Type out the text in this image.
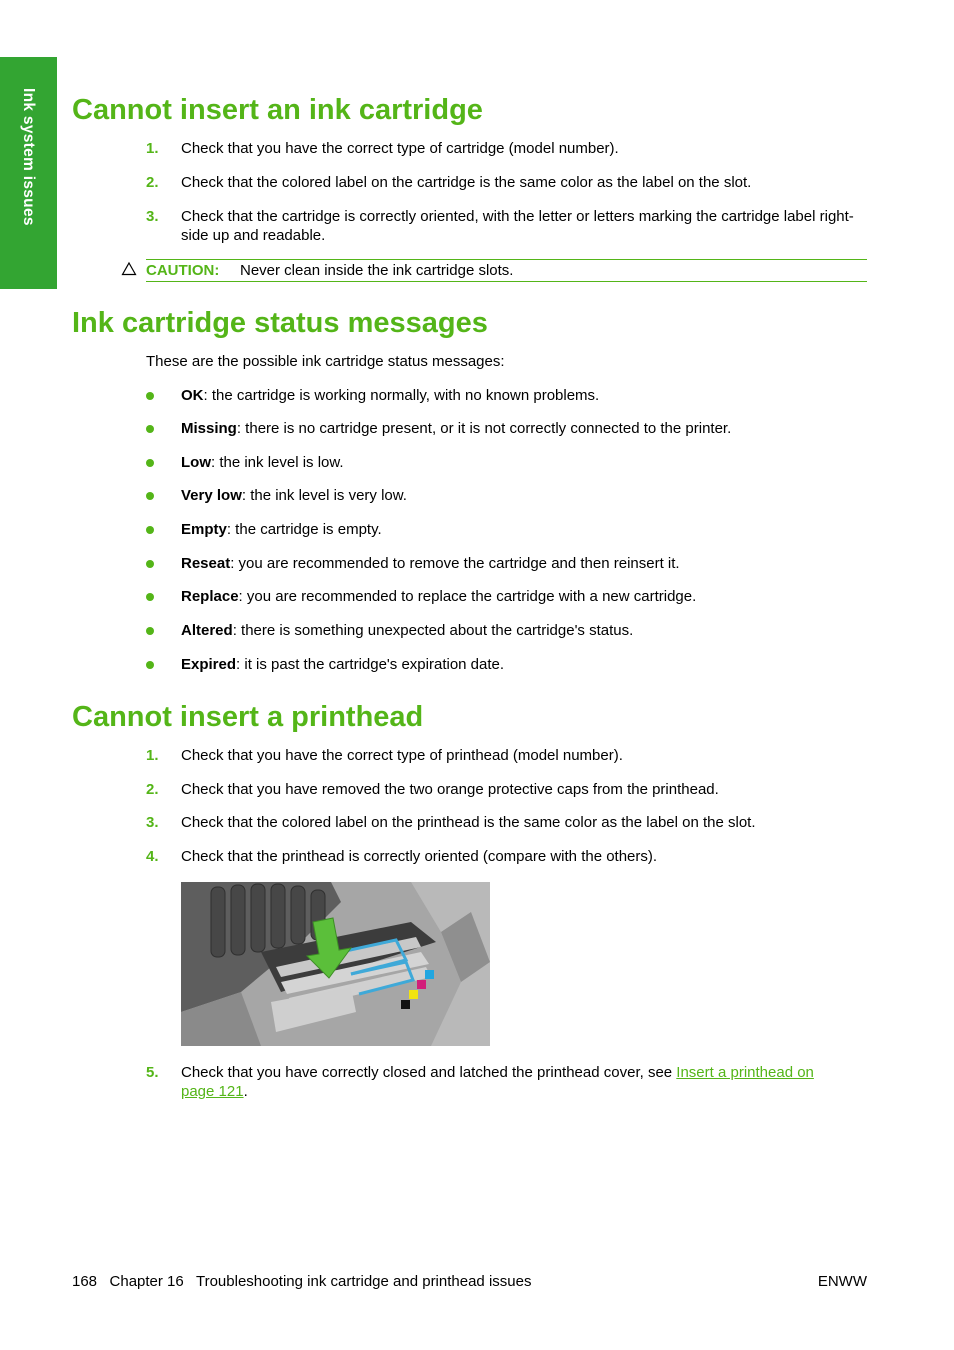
Ink system issues Cannot insert an ink cartridge
1. Check that you have the correct type of cartridge (model number).
2. Check that the colored label on the cartridge is the same color as the label on the slot.
3. Check that the cartridge is correctly oriented, with the letter or letters marking the cartridge label right-side up and readable.
CAUTION: Never clean inside the ink cartridge slots.
Ink cartridge status messages
These are the possible ink cartridge status messages:
OK: the cartridge is working normally, with no known problems.
Missing: there is no cartridge present, or it is not correctly connected to the printer.
Low: the ink level is low.
Very low: the ink level is very low.
Empty: the cartridge is empty.
Reseat: you are recommended to remove the cartridge and then reinsert it.
Replace: you are recommended to replace the cartridge with a new cartridge.
Altered: there is something unexpected about the cartridge's status.
Expired: it is past the cartridge's expiration date.
Cannot insert a printhead
1. Check that you have the correct type of printhead (model number).
2. Check that you have removed the two orange protective caps from the printhead.
3. Check that the colored label on the printhead is the same color as the label on the slot.
4. Check that the printhead is correctly oriented (compare with the others).
5. Check that you have correctly closed and latched the printhead cover, see Insert a printhead on page 121.
168   Chapter 16   Troubleshooting ink cartridge and printhead issues	ENWW
